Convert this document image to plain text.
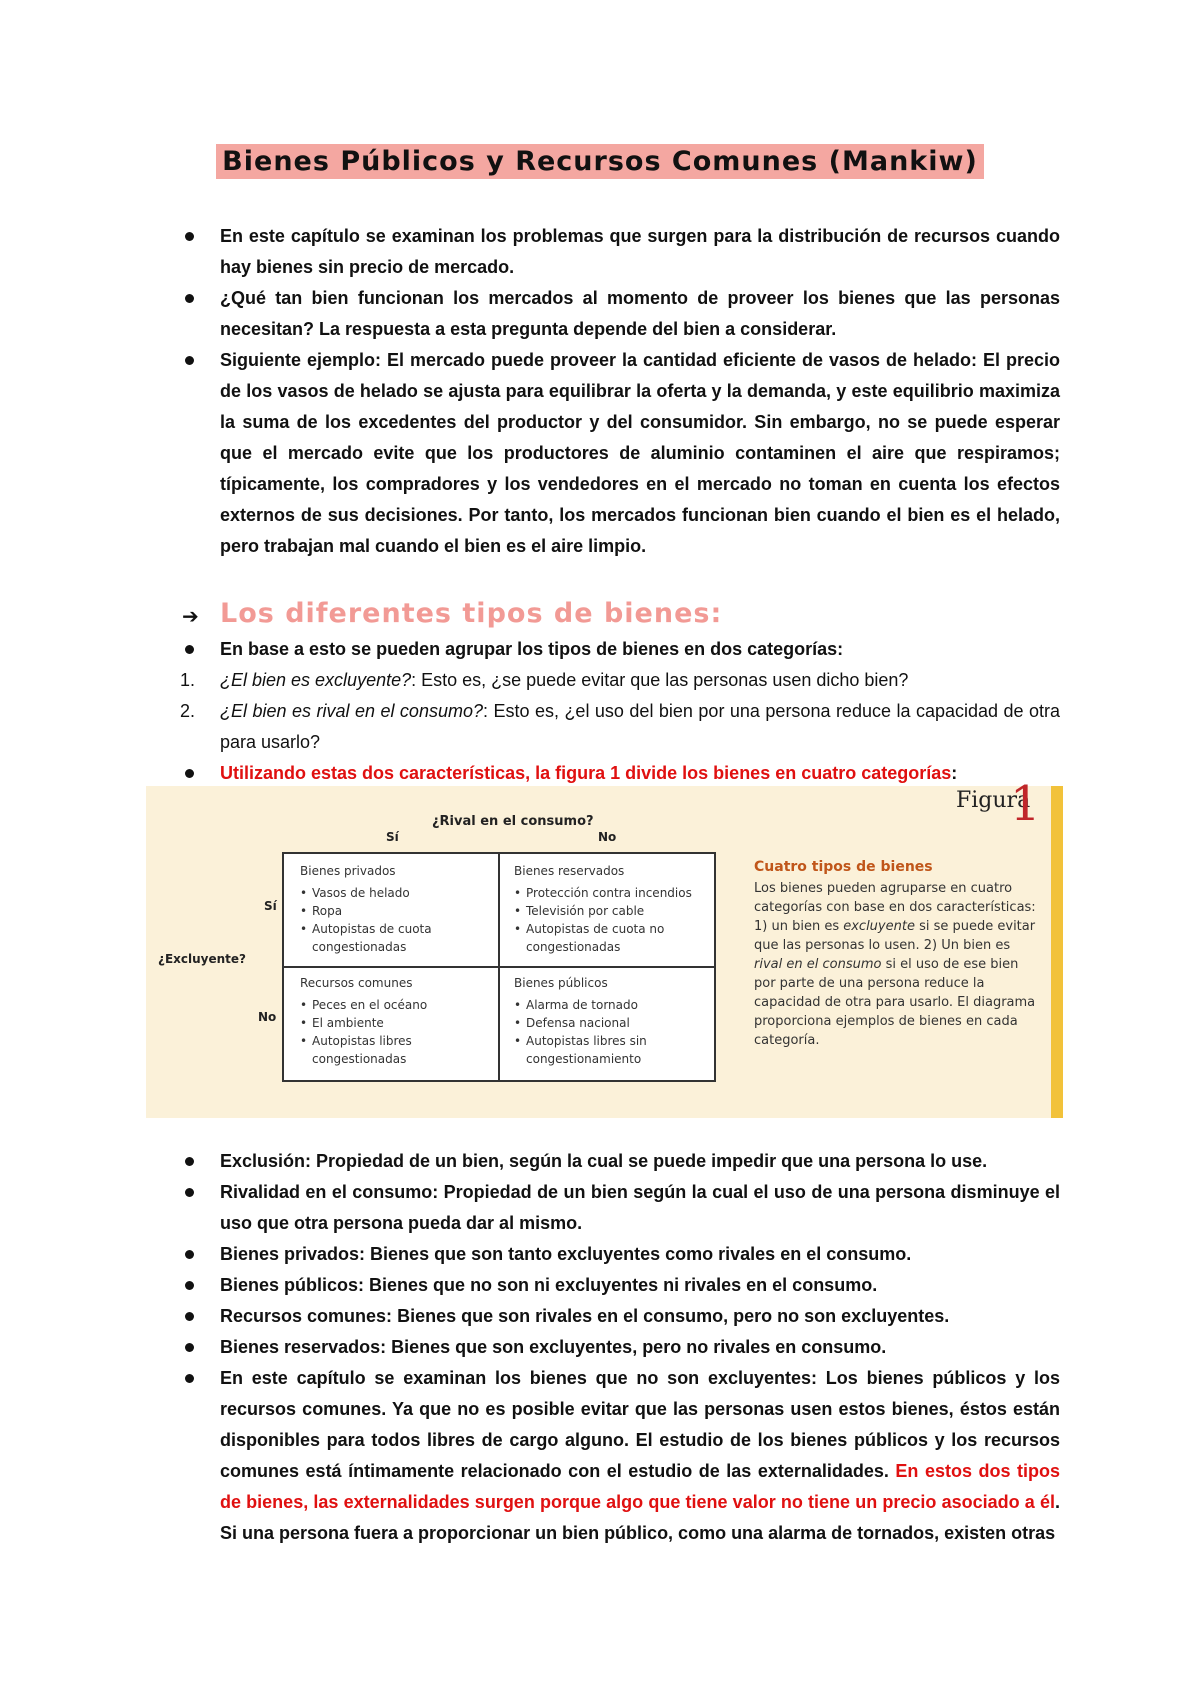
Bienes Públicos y Recursos Comunes (Mankiw)
En este capítulo se examinan los problemas que surgen para la distribución de recursos cuando hay bienes sin precio de mercado.
¿Qué tan bien funcionan los mercados al momento de proveer los bienes que las personas necesitan? La respuesta a esta pregunta depende del bien a considerar.
Siguiente ejemplo: El mercado puede proveer la cantidad eficiente de vasos de helado: El precio de los vasos de helado se ajusta para equilibrar la oferta y la demanda, y este equilibrio maximiza la suma de los excedentes del productor y del consumidor. Sin embargo, no se puede esperar que el mercado evite que los productores de aluminio contaminen el aire que respiramos; típicamente, los compradores y los vendedores en el mercado no toman en cuenta los efectos externos de sus decisiones. Por tanto, los mercados funcionan bien cuando el bien es el helado, pero trabajan mal cuando el bien es el aire limpio.
➔ Los diferentes tipos de bienes:
En base a esto se pueden agrupar los tipos de bienes en dos categorías:
1. ¿El bien es excluyente?: Esto es, ¿se puede evitar que las personas usen dicho bien?
2. ¿El bien es rival en el consumo?: Esto es, ¿el uso del bien por una persona reduce la capacidad de otra para usarlo?
Utilizando estas dos características, la figura 1 divide los bienes en cuatro categorías:
Figura
1
¿Rival en el consumo?
Sí	No
¿Excluyente?
Sí
No
Bienes privados
• Vasos de helado
• Ropa
• Autopistas de cuota congestionadas
Bienes reservados
• Protección contra incendios
• Televisión por cable
• Autopistas de cuota no congestionadas
Recursos comunes
• Peces en el océano
• El ambiente
• Autopistas libres congestionadas
Bienes públicos
• Alarma de tornado
• Defensa nacional
• Autopistas libres sin congestionamiento
Cuatro tipos de bienes
Los bienes pueden agruparse en cuatro categorías con base en dos características: 1) un bien es excluyente si se puede evitar que las personas lo usen. 2) Un bien es rival en el consumo si el uso de ese bien por parte de una persona reduce la capacidad de otra para usarlo. El diagrama proporciona ejemplos de bienes en cada categoría.
Exclusión: Propiedad de un bien, según la cual se puede impedir que una persona lo use.
Rivalidad en el consumo: Propiedad de un bien según la cual el uso de una persona disminuye el uso que otra persona pueda dar al mismo.
Bienes privados: Bienes que son tanto excluyentes como rivales en el consumo.
Bienes públicos: Bienes que no son ni excluyentes ni rivales en el consumo.
Recursos comunes: Bienes que son rivales en el consumo, pero no son excluyentes.
Bienes reservados: Bienes que son excluyentes, pero no rivales en consumo.
En este capítulo se examinan los bienes que no son excluyentes: Los bienes públicos y los recursos comunes. Ya que no es posible evitar que las personas usen estos bienes, éstos están disponibles para todos libres de cargo alguno. El estudio de los bienes públicos y los recursos comunes está íntimamente relacionado con el estudio de las externalidades. En estos dos tipos de bienes, las externalidades surgen porque algo que tiene valor no tiene un precio asociado a él. Si una persona fuera a proporcionar un bien público, como una alarma de tornados, existen otras
